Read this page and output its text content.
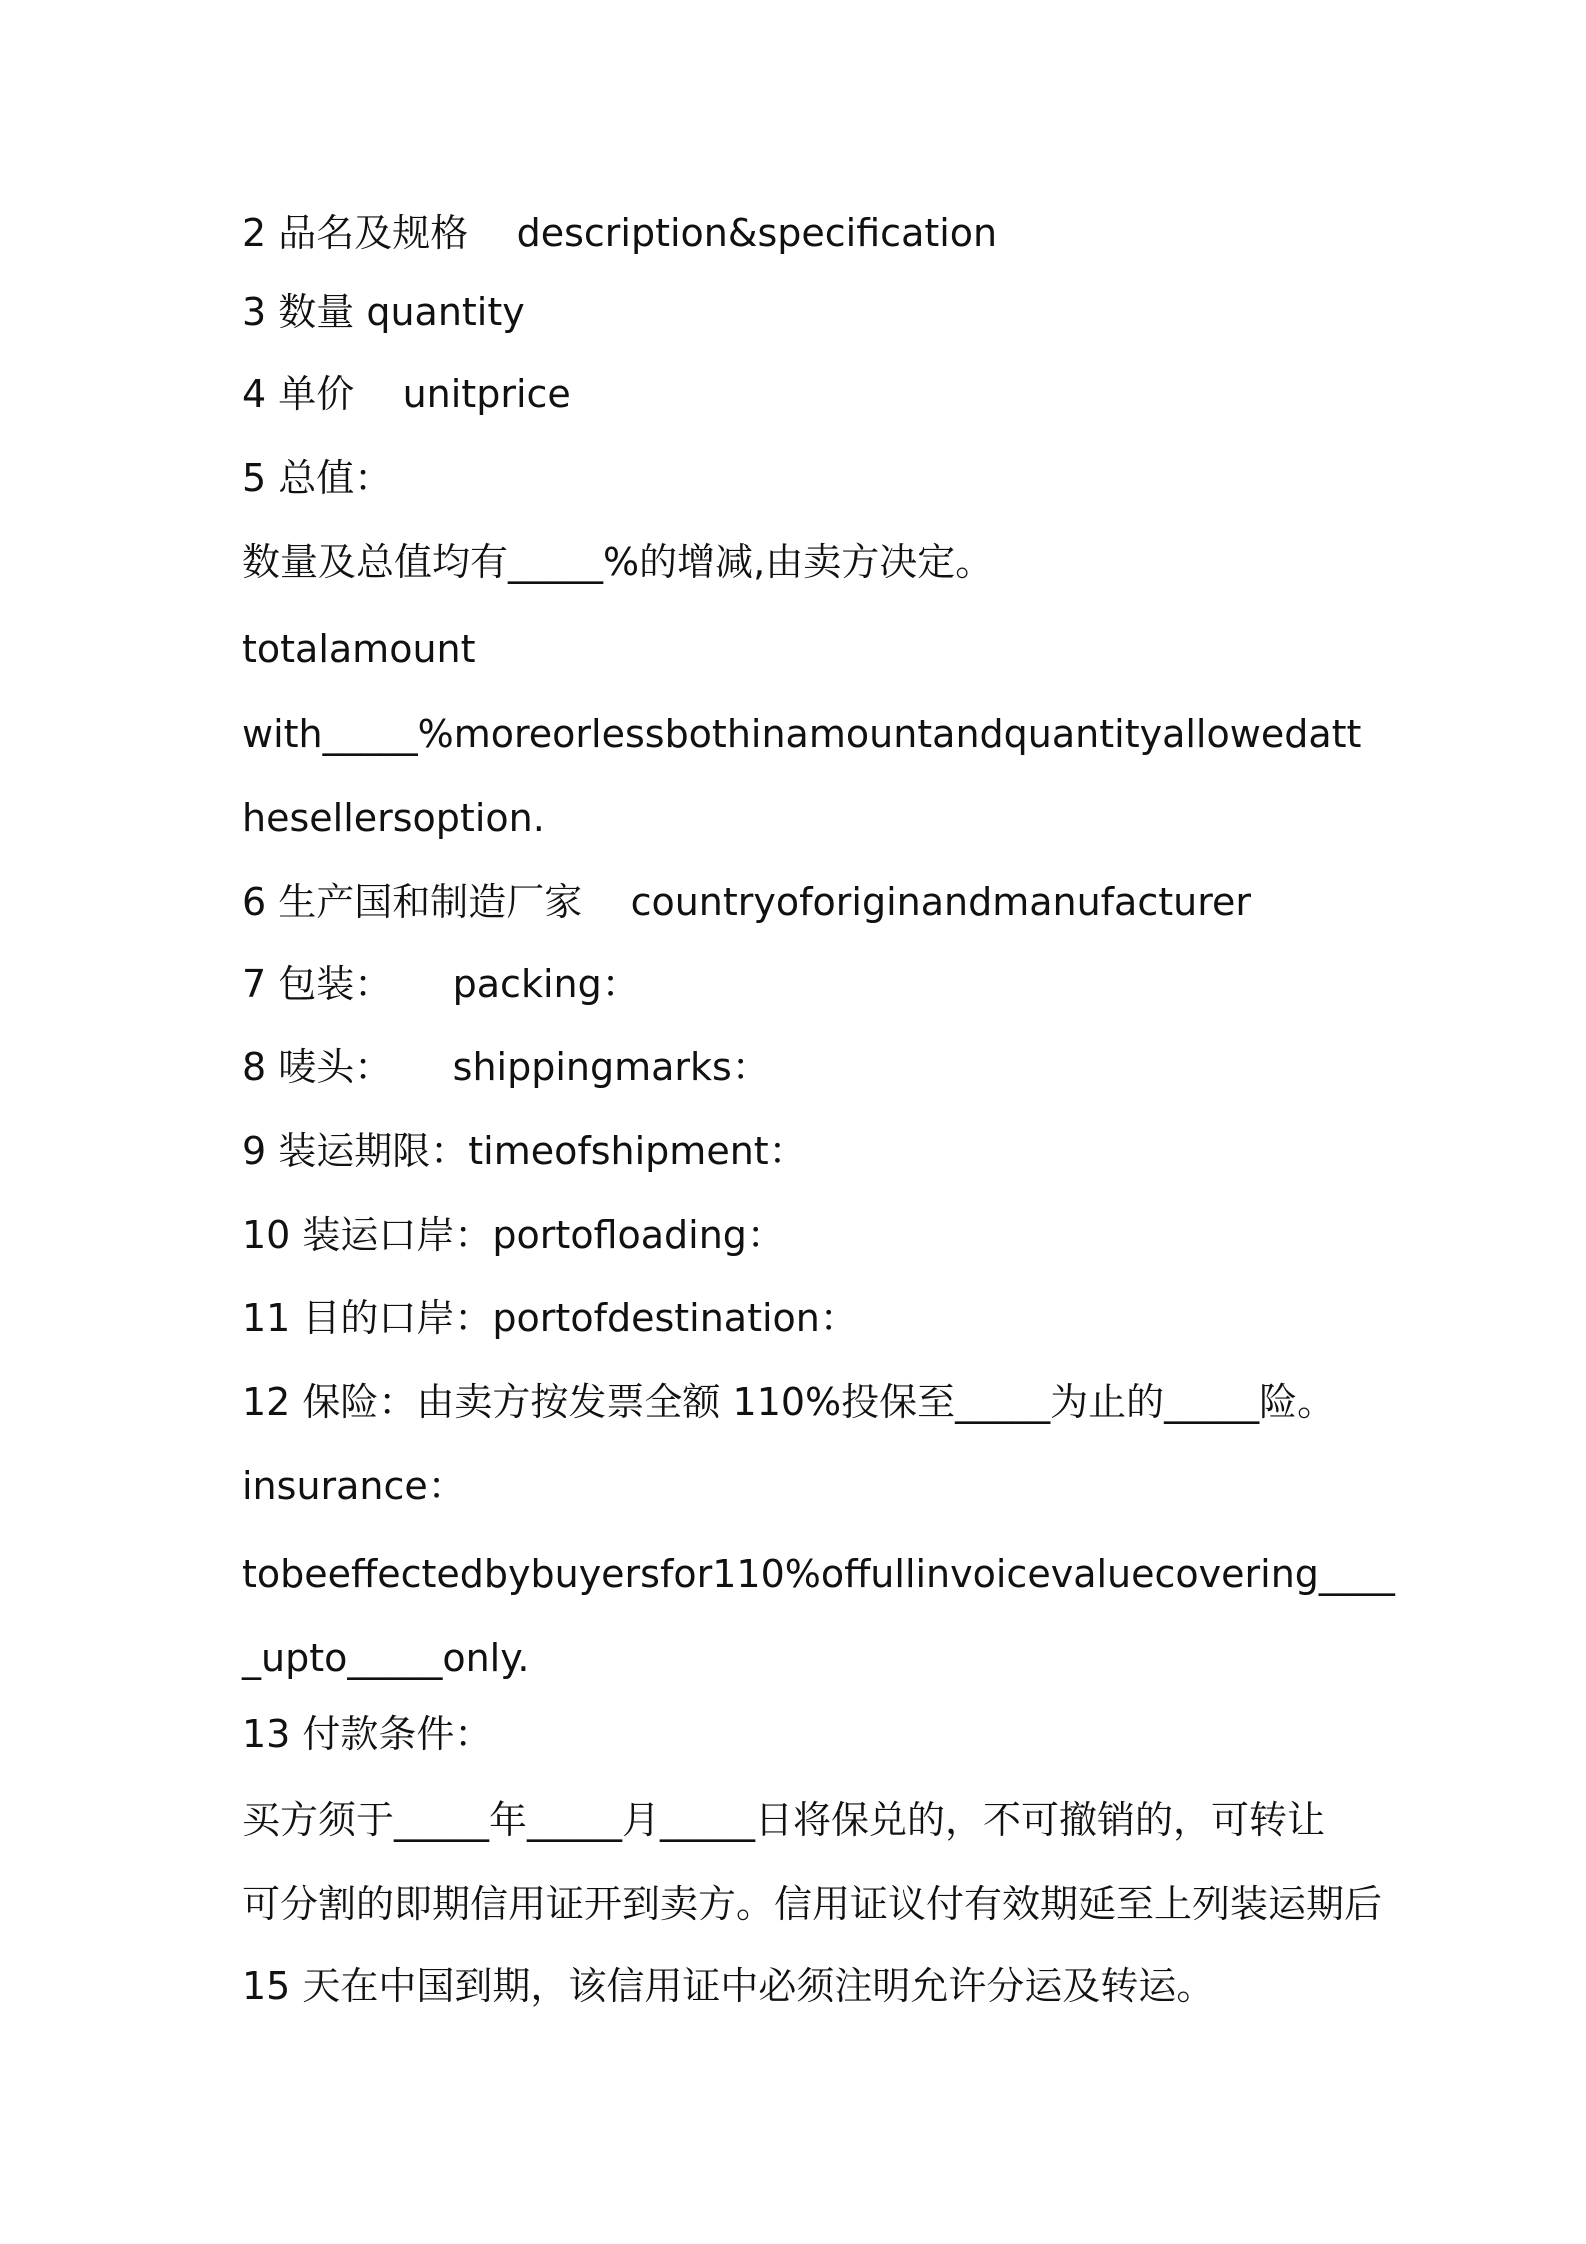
2 品名及规格    description&specification
3 数量 quantity
4 单价    unitprice
5 总值：
数量及总值均有_____%的增减,由卖方决定。
totalamount
with_____%moreorlessbothinamountandquantityallowedatt
hesellersoption.
6 生产国和制造厂家    countryoforiginandmanufacturer
7 包装：     packing：
8 唛头：     shippingmarks：
9 装运期限：timeofshipment：
10 装运口岸：portofloading：
11 目的口岸：portofdestination：
12 保险：由卖方按发票全额 110%投保至_____为止的_____险。
insurance：
tobeeffectedbybuyersfor110%offullinvoicevaluecovering____
_upto_____only.
13 付款条件：
买方须于_____年_____月_____日将保兑的，不可撤销的，可转让
可分割的即期信用证开到卖方。信用证议付有效期延至上列装运期后
15 天在中国到期，该信用证中必须注明允许分运及转运。
